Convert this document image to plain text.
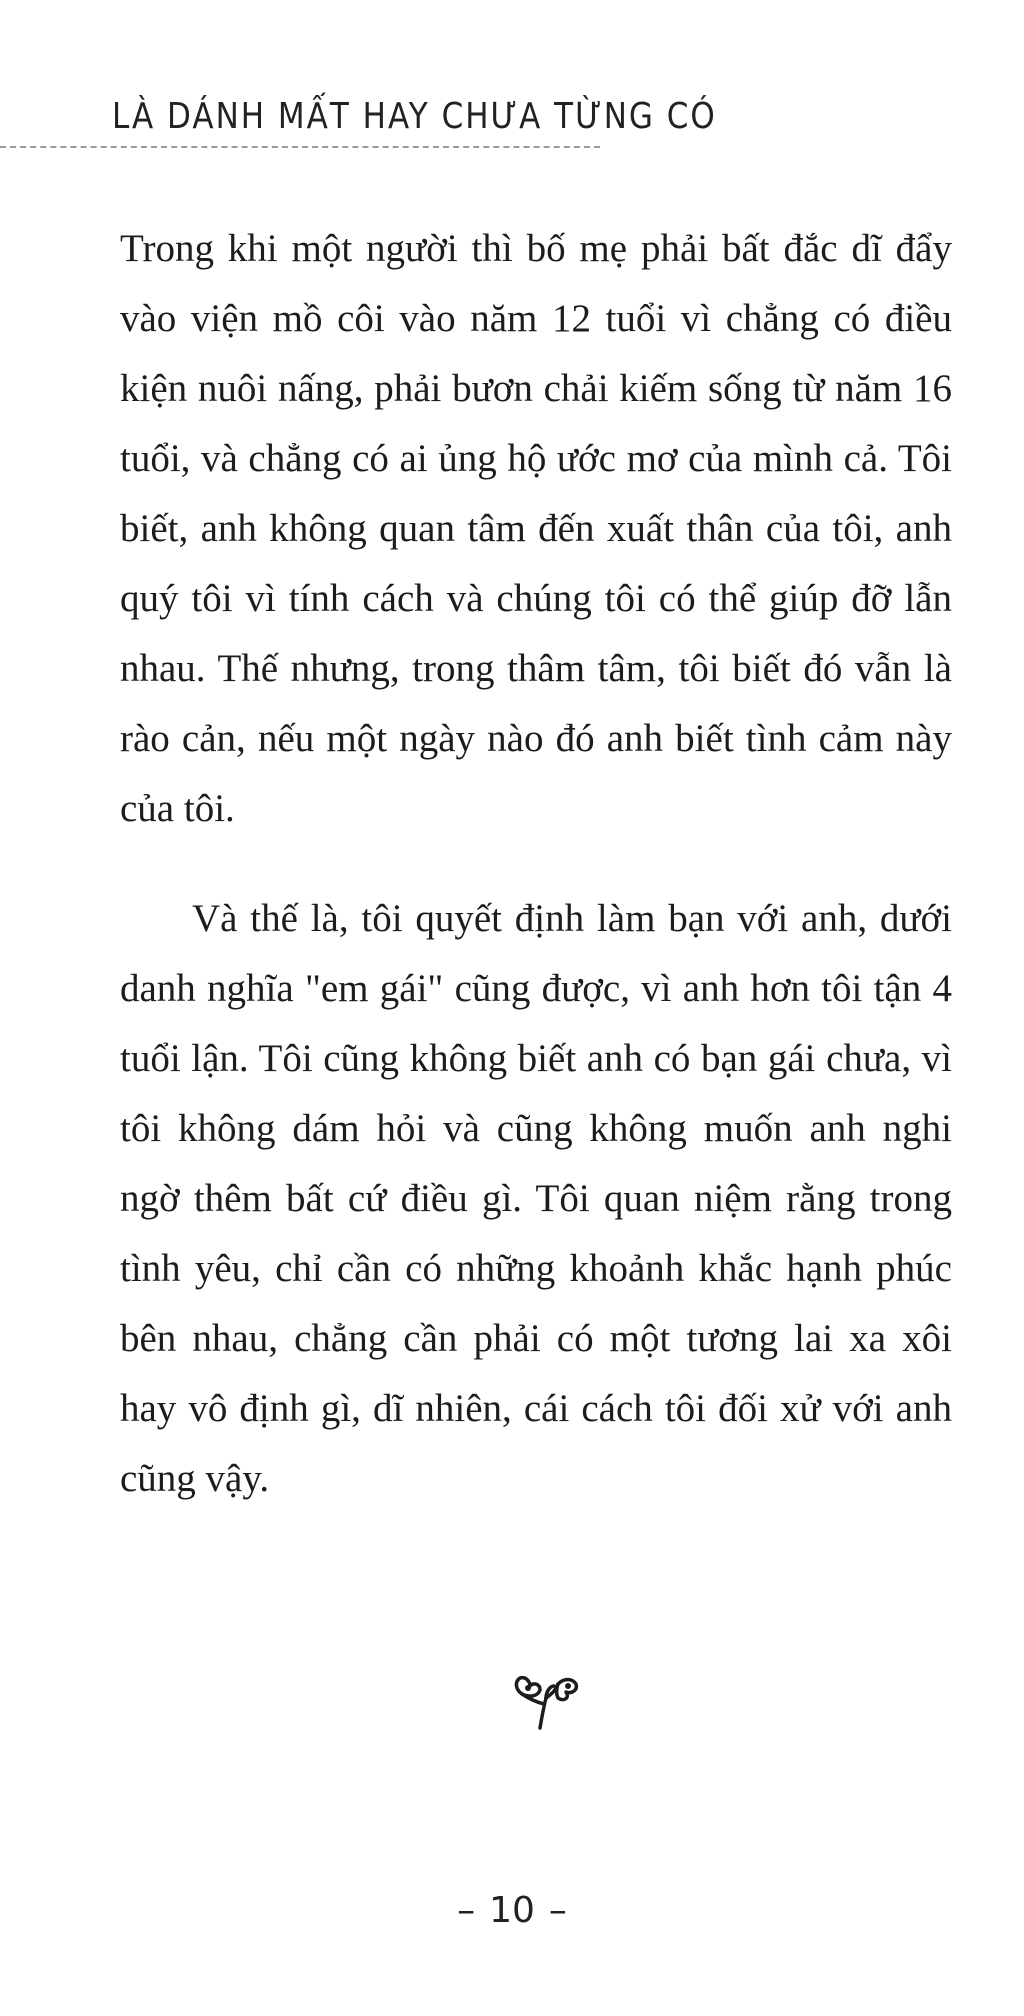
LÀ DÁNH MẤT HAY CHƯA TỪNG CÓ

Trong khi một người thì bố mẹ phải bất đắc dĩ đẩy vào viện mồ côi vào năm 12 tuổi vì chẳng có điều kiện nuôi nấng, phải bươn chải kiếm sống từ năm 16 tuổi, và chẳng có ai ủng hộ ước mơ của mình cả. Tôi biết, anh không quan tâm đến xuất thân của tôi, anh quý tôi vì tính cách và chúng tôi có thể giúp đỡ lẫn nhau. Thế nhưng, trong thâm tâm, tôi biết đó vẫn là rào cản, nếu một ngày nào đó anh biết tình cảm này của tôi.

Và thế là, tôi quyết định làm bạn với anh, dưới danh nghĩa "em gái" cũng được, vì anh hơn tôi tận 4 tuổi lận. Tôi cũng không biết anh có bạn gái chưa, vì tôi không dám hỏi và cũng không muốn anh nghi ngờ thêm bất cứ điều gì. Tôi quan niệm rằng trong tình yêu, chỉ cần có những khoảnh khắc hạnh phúc bên nhau, chẳng cần phải có một tương lai xa xôi hay vô định gì, dĩ nhiên, cái cách tôi đối xử với anh cũng vậy.

– 10 –
